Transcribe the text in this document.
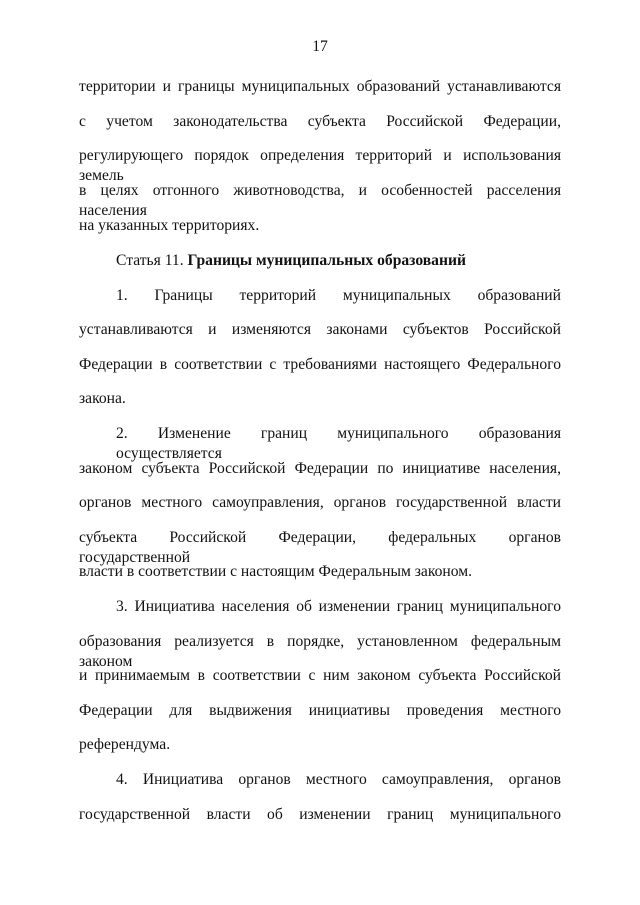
17
территории и границы муниципальных образований устанавливаются
с учетом законодательства субъекта Российской Федерации,
регулирующего порядок определения территорий и использования земель
в целях отгонного животноводства, и особенностей расселения населения
на указанных территориях.
Статья 11. Границы муниципальных образований
1. Границы территорий муниципальных образований
устанавливаются и изменяются законами субъектов Российской
Федерации в соответствии с требованиями настоящего Федерального
закона.
2. Изменение границ муниципального образования осуществляется
законом субъекта Российской Федерации по инициативе населения,
органов местного самоуправления, органов государственной власти
субъекта Российской Федерации, федеральных органов государственной
власти в соответствии с настоящим Федеральным законом.
3. Инициатива населения об изменении границ муниципального
образования реализуется в порядке, установленном федеральным законом
и принимаемым в соответствии с ним законом субъекта Российской
Федерации для выдвижения инициативы проведения местного
референдума.
4. Инициатива органов местного самоуправления, органов
государственной власти об изменении границ муниципального
